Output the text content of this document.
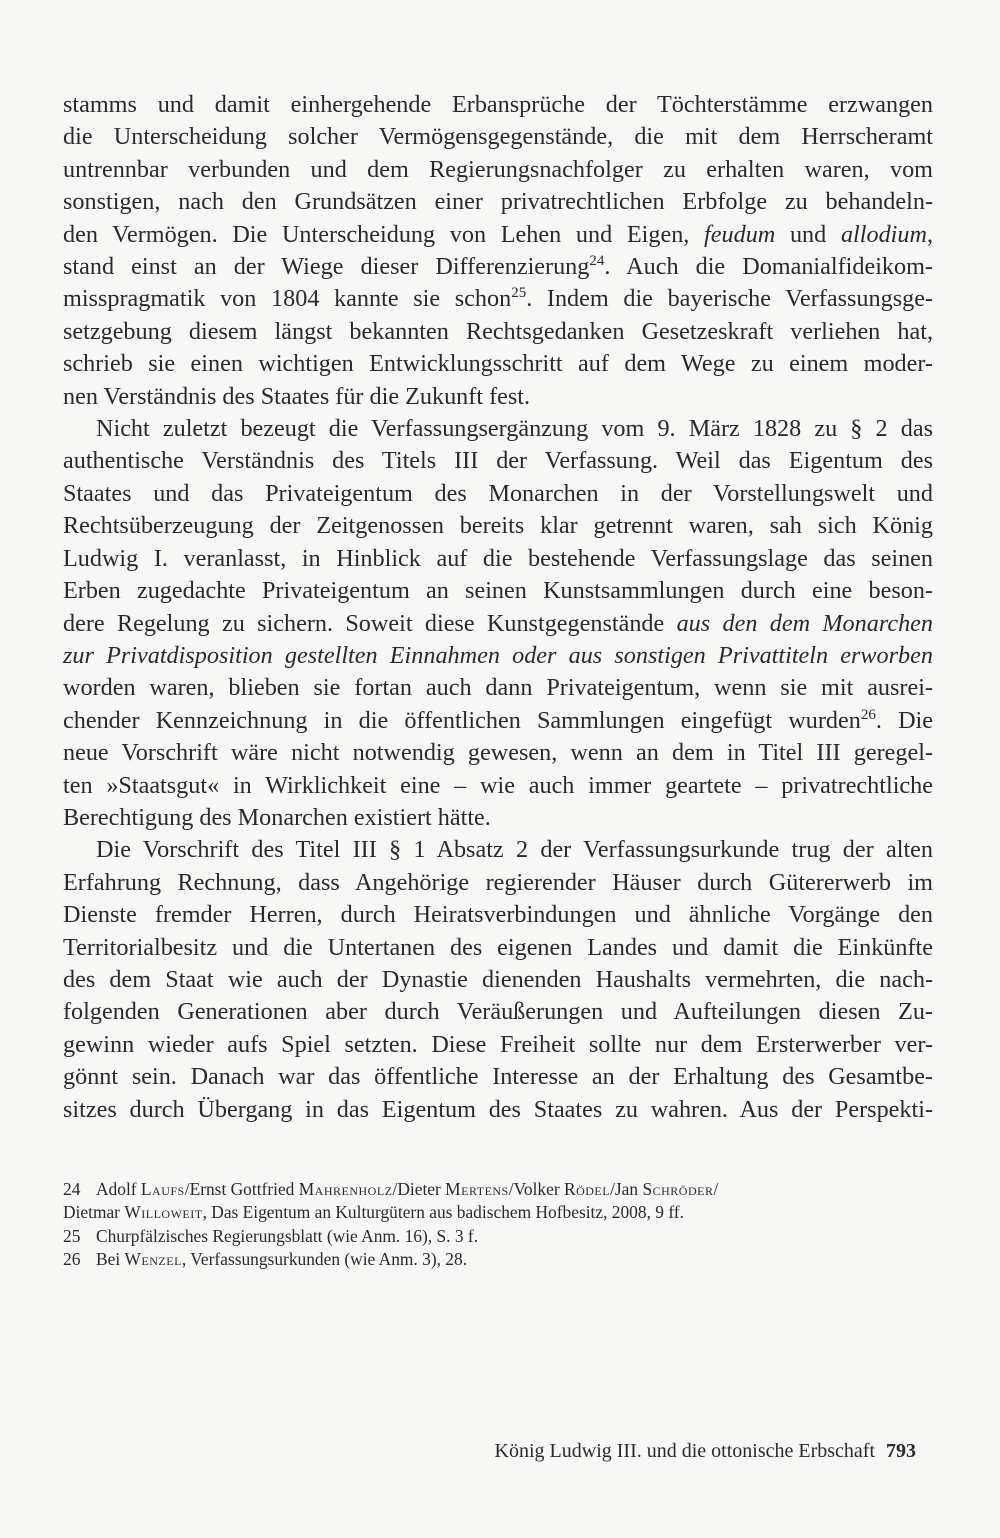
stamms und damit einhergehende Erbansprüche der Töchterstämme erzwangen
die Unterscheidung solcher Vermögensgegenstände, die mit dem Herrscheramt
untrennbar verbunden und dem Regierungsnachfolger zu erhalten waren, vom
sonstigen, nach den Grundsätzen einer privatrechtlichen Erbfolge zu behandeln-
den Vermögen. Die Unterscheidung von Lehen und Eigen, feudum und allodium,
stand einst an der Wiege dieser Differenzierung$^{24}$. Auch die Domanialfideikom-
misspragmatik von 1804 kannte sie schon$^{25}$. Indem die bayerische Verfassungsge-
setzgebung diesem längst bekannten Rechtsgedanken Gesetzeskraft verliehen hat,
schrieb sie einen wichtigen Entwicklungsschritt auf dem Wege zu einem moder-
nen Verständnis des Staates für die Zukunft fest.

Nicht zuletzt bezeugt die Verfassungsergänzung vom 9. März 1828 zu § 2 das
authentische Verständnis des Titels III der Verfassung. Weil das Eigentum des
Staates und das Privateigentum des Monarchen in der Vorstellungswelt und
Rechtsüberzeugung der Zeitgenossen bereits klar getrennt waren, sah sich König
Ludwig I. veranlasst, in Hinblick auf die bestehende Verfassungslage das seinen
Erben zugedachte Privateigentum an seinen Kunstsammlungen durch eine beson-
dere Regelung zu sichern. Soweit diese Kunstgegenstände aus den dem Monarchen
zur Privatdisposition gestellten Einnahmen oder aus sonstigen Privattiteln erworben
worden waren, blieben sie fortan auch dann Privateigentum, wenn sie mit ausrei-
chender Kennzeichnung in die öffentlichen Sammlungen eingefügt wurden$^{26}$. Die
neue Vorschrift wäre nicht notwendig gewesen, wenn an dem in Titel III geregel-
ten »Staatsgut« in Wirklichkeit eine – wie auch immer geartete – privatrechtliche
Berechtigung des Monarchen existiert hätte.

Die Vorschrift des Titel III § 1 Absatz 2 der Verfassungsurkunde trug der alten
Erfahrung Rechnung, dass Angehörige regierender Häuser durch Gütererwerb im
Dienste fremder Herren, durch Heiratsverbindungen und ähnliche Vorgänge den
Territorialbesitz und die Untertanen des eigenen Landes und damit die Einkünfte
des dem Staat wie auch der Dynastie dienenden Haushalts vermehrten, die nach-
folgenden Generationen aber durch Veräußerungen und Aufteilungen diesen Zu-
gewinn wieder aufs Spiel setzten. Diese Freiheit sollte nur dem Ersterwerber ver-
gönnt sein. Danach war das öffentliche Interesse an der Erhaltung des Gesamtbe-
sitzes durch Übergang in das Eigentum des Staates zu wahren. Aus der Perspekti-

24 Adolf Laufs/Ernst Gottfried Mahrenholz/Dieter Mertens/Volker Rödel/Jan Schröder/
Dietmar Willoweit, Das Eigentum an Kulturgütern aus badischem Hofbesitz, 2008, 9 ff.

25 Churpfälzisches Regierungsblatt (wie Anm. 16), S. 3 f.

26 Bei Wenzel, Verfassungsurkunden (wie Anm. 3), 28.

König Ludwig III. und die ottonische Erbschaft 793
